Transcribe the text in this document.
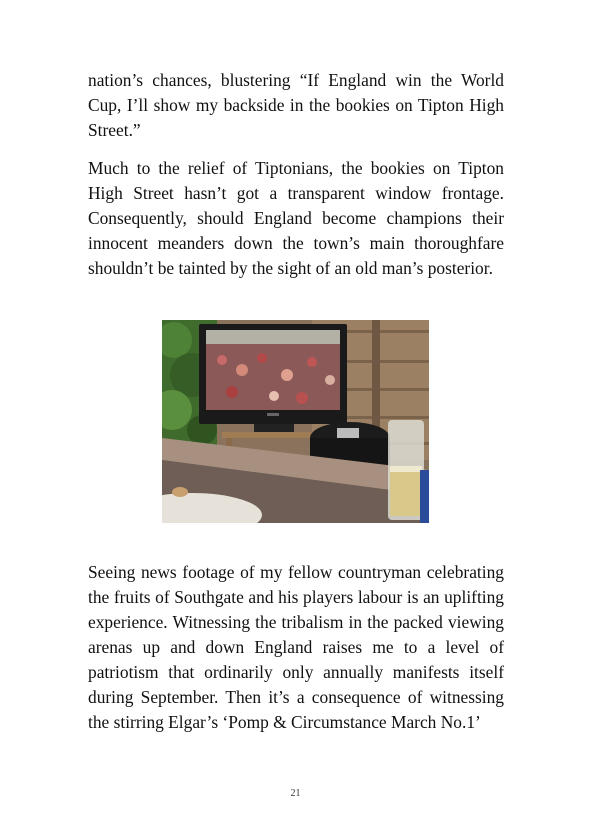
nation’s chances, blustering “If England win the World Cup, I’ll show my backside in the bookies on Tipton High Street.”

Much to the relief of Tiptonians, the bookies on Tipton High Street hasn’t got a transparent window frontage. Consequently, should England become champions their innocent meanders down the town’s main thoroughfare shouldn’t be tainted by the sight of an old man’s posterior.

Seeing news footage of my fellow countryman celebrating the fruits of Southgate and his players labour is an uplifting experience. Witnessing the tribalism in the packed viewing arenas up and down England raises me to a level of patriotism that ordinarily only annually manifests itself during September. Then it’s a consequence of witnessing the stirring Elgar’s ‘Pomp & Circumstance March No.1’

21
